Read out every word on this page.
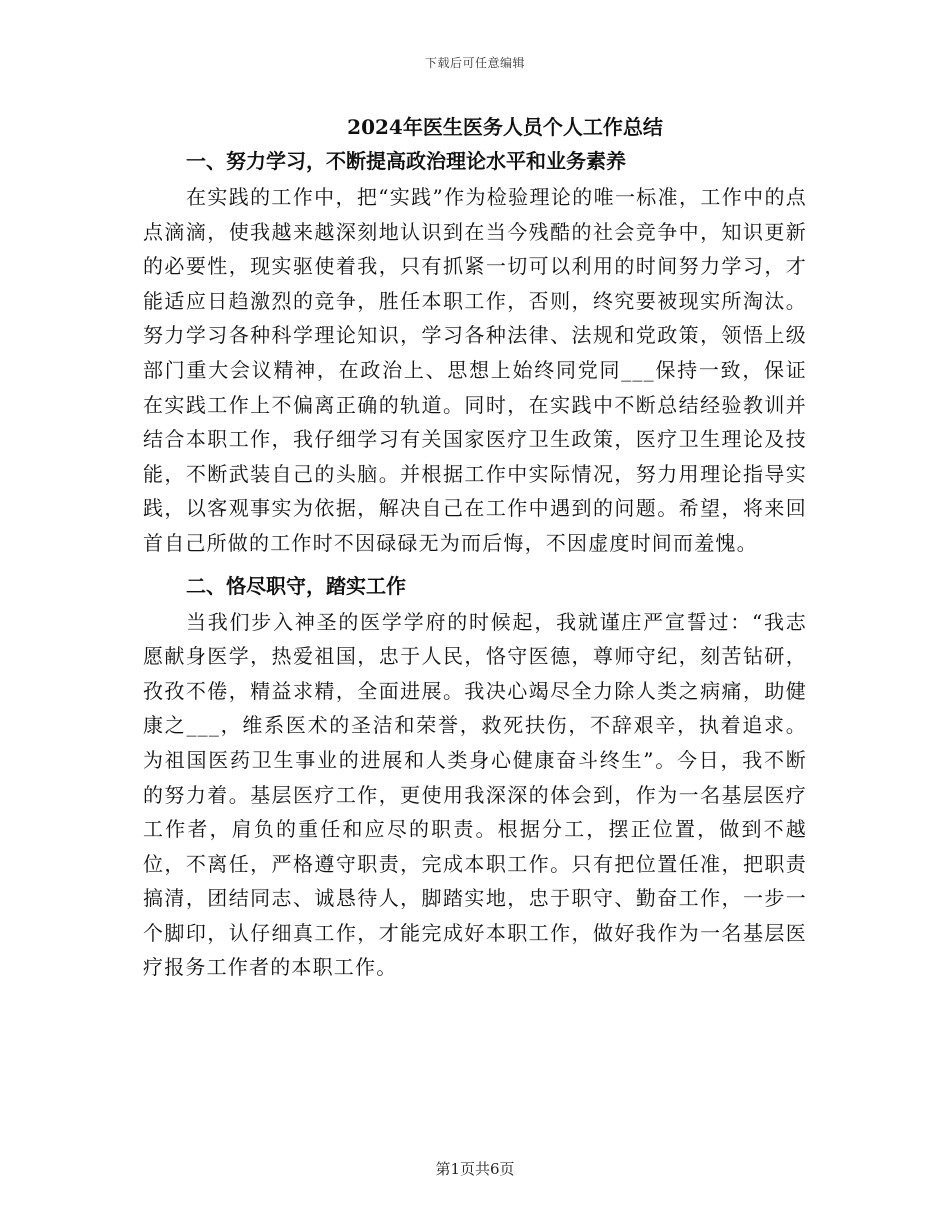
下载后可任意编辑
2024年医生医务人员个人工作总结
一、努力学习，不断提高政治理论水平和业务素养

在实践的工作中，把“实践”作为检验理论的唯一标准，工作中的点点滴滴，使我越来越深刻地认识到在当今残酷的社会竞争中，知识更新的必要性，现实驱使着我，只有抓紧一切可以利用的时间努力学习，才能适应日趋激烈的竞争，胜任本职工作，否则，终究要被现实所淘汰。努力学习各种科学理论知识，学习各种法律、法规和党政策，领悟上级部门重大会议精神，在政治上、思想上始终同党同___保持一致，保证在实践工作上不偏离正确的轨道。同时，在实践中不断总结经验教训并结合本职工作，我仔细学习有关国家医疗卫生政策，医疗卫生理论及技能，不断武装自己的头脑。并根据工作中实际情况，努力用理论指导实践，以客观事实为依据，解决自己在工作中遇到的问题。希望，将来回首自己所做的工作时不因碌碌无为而后悔，不因虚度时间而羞愧。

二、恪尽职守，踏实工作

当我们步入神圣的医学学府的时候起，我就谨庄严宣誓过：“我志愿献身医学，热爱祖国，忠于人民，恪守医德，尊师守纪，刻苦钻研，孜孜不倦，精益求精，全面进展。我决心竭尽全力除人类之病痛，助健康之___，维系医术的圣洁和荣誉，救死扶伤，不辞艰辛，执着追求。为祖国医药卫生事业的进展和人类身心健康奋斗终生”。今日，我不断的努力着。基层医疗工作，更使用我深深的体会到，作为一名基层医疗工作者，肩负的重任和应尽的职责。根据分工，摆正位置，做到不越位，不离任，严格遵守职责，完成本职工作。只有把位置任准，把职责搞清，团结同志、诚恳待人，脚踏实地，忠于职守、勤奋工作，一步一个脚印，认仔细真工作，才能完成好本职工作，做好我作为一名基层医疗报务工作者的本职工作。

第1页共6页
